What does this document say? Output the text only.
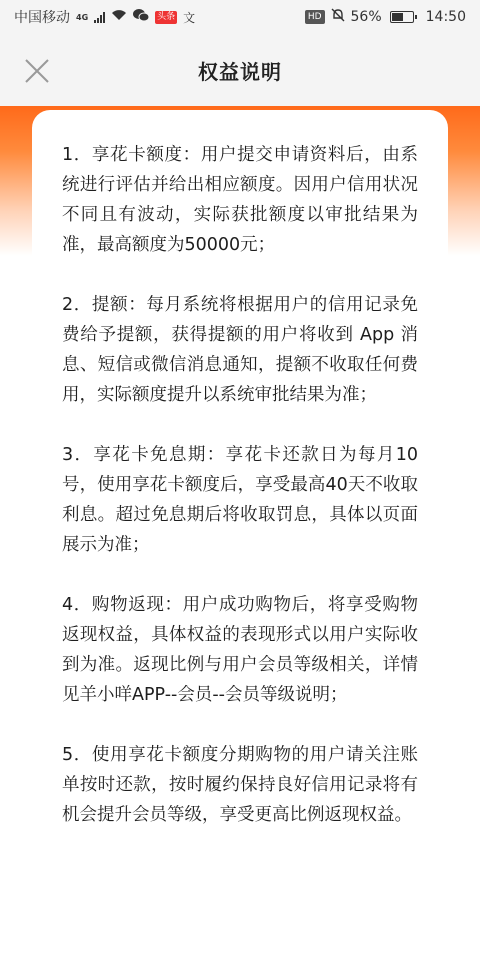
中国移动 4G	头条 文	HD 56%	14:50
权益说明

1．享花卡额度：用户提交申请资料后，由系统进行评估并给出相应额度。因用户信用状况不同且有波动，实际获批额度以审批结果为准，最高额度为50000元；

2．提额：每月系统将根据用户的信用记录免费给予提额，获得提额的用户将收到 App 消息、短信或微信消息通知，提额不收取任何费用，实际额度提升以系统审批结果为准；

3．享花卡免息期：享花卡还款日为每月10号，使用享花卡额度后，享受最高40天不收取利息。超过免息期后将收取罚息，具体以页面展示为准；

4．购物返现：用户成功购物后，将享受购物返现权益，具体权益的表现形式以用户实际收到为准。返现比例与用户会员等级相关，详情见羊小咩APP--会员--会员等级说明；

5．使用享花卡额度分期购物的用户请关注账单按时还款，按时履约保持良好信用记录将有机会提升会员等级，享受更高比例返现权益。
